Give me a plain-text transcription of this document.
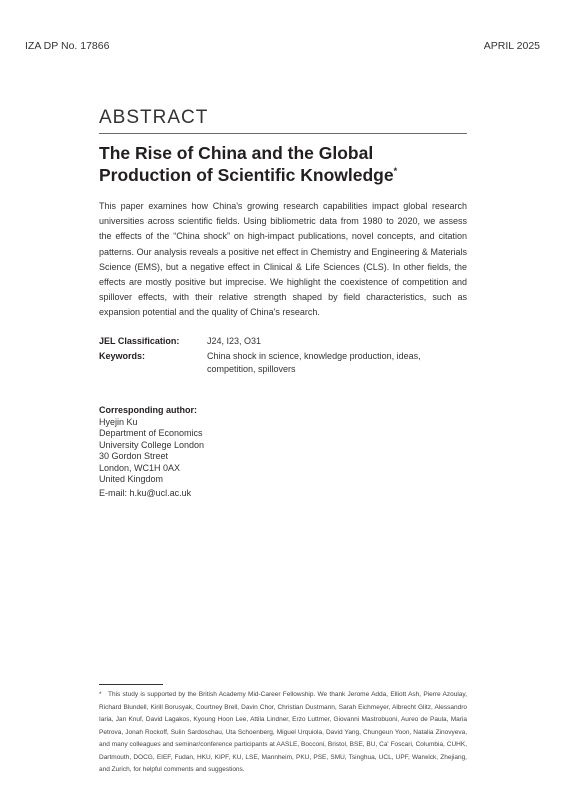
IZA DP No. 17866	APRIL 2025
ABSTRACT
The Rise of China and the Global
Production of Scientific Knowledge*
This paper examines how China's growing research capabilities impact global research universities across scientific fields. Using bibliometric data from 1980 to 2020, we assess the effects of the “China shock” on high-impact publications, novel concepts, and citation patterns. Our analysis reveals a positive net effect in Chemistry and Engineering & Materials Science (EMS), but a negative effect in Clinical & Life Sciences (CLS). In other fields, the effects are mostly positive but imprecise. We highlight the coexistence of competition and spillover effects, with their relative strength shaped by field characteristics, such as expansion potential and the quality of China's research.
JEL Classification:	J24, I23, O31
Keywords:	China shock in science, knowledge production, ideas, competition, spillovers
Corresponding author:
Hyejin Ku
Department of Economics
University College London
30 Gordon Street
London, WC1H 0AX
United Kingdom
E-mail: h.ku@ucl.ac.uk
* This study is supported by the British Academy Mid-Career Fellowship. We thank Jerome Adda, Elliott Ash, Pierre Azoulay, Richard Blundell, Kirill Borusyak, Courtney Brell, Davin Chor, Christian Dustmann, Sarah Eichmeyer, Albrecht Glitz, Alessandro Iaria, Jan Knuf, David Lagakos, Kyoung Hoon Lee, Attila Lindner, Erzo Luttmer, Giovanni Mastrobuoni, Aureo de Paula, Maria Petrova, Jonah Rockoff, Sulin Sardoschau, Uta Schoenberg, Miguel Urquiola, David Yang, Chungeun Yoon, Natalia Zinovyeva, and many colleagues and seminar/conference participants at AASLE, Bocconi, Bristol, BSE, BU, Ca' Foscari, Columbia, CUHK, Dartmouth, DOCG, EIEF, Fudan, HKU, KIPF, KU, LSE, Mannheim, PKU, PSE, SMU, Tsinghua, UCL, UPF, Warwick, Zhejiang, and Zurich, for helpful comments and suggestions.
